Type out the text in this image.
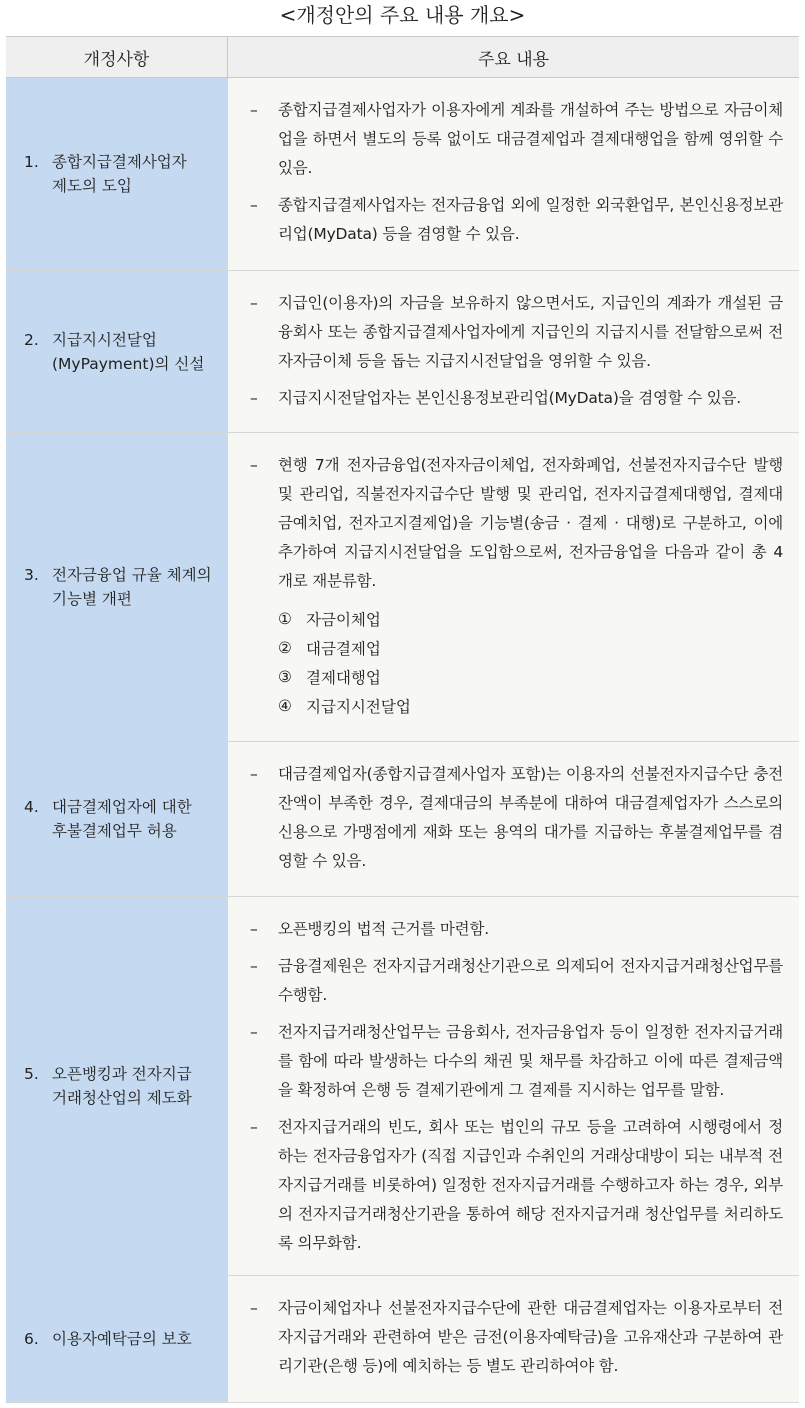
<개정안의 주요 내용 개요>
개정사항	주요 내용
1. 종합지급결제사업자
제도의 도입
–	종합지급결제사업자가 이용자에게 계좌를 개설하여 주는 방법으로 자금이체업을 하면서 별도의 등록 없이도 대금결제업과 결제대행업을 함께 영위할 수 있음.
–	종합지급결제사업자는 전자금융업 외에 일정한 외국환업무, 본인신용정보관리업(MyData) 등을 겸영할 수 있음.
2. 지급지시전달업
(MyPayment)의 신설
–	지급인(이용자)의 자금을 보유하지 않으면서도, 지급인의 계좌가 개설된 금융회사 또는 종합지급결제사업자에게 지급인의 지급지시를 전달함으로써 전자자금이체 등을 돕는 지급지시전달업을 영위할 수 있음.
–	지급지시전달업자는 본인신용정보관리업(MyData)을 겸영할 수 있음.
3. 전자금융업 규율 체계의
기능별 개편
–	현행 7개 전자금융업(전자자금이체업, 전자화폐업, 선불전자지급수단 발행 및 관리업, 직불전자지급수단 발행 및 관리업, 전자지급결제대행업, 결제대금예치업, 전자고지결제업)을 기능별(송금 · 결제 · 대행)로 구분하고, 이에 추가하여 지급지시전달업을 도입함으로써, 전자금융업을 다음과 같이 총 4개로 재분류함.
① 자금이체업
② 대금결제업
③ 결제대행업
④ 지급지시전달업
4. 대금결제업자에 대한
후불결제업무 허용
–	대금결제업자(종합지급결제사업자 포함)는 이용자의 선불전자지급수단 충전 잔액이 부족한 경우, 결제대금의 부족분에 대하여 대금결제업자가 스스로의 신용으로 가맹점에게 재화 또는 용역의 대가를 지급하는 후불결제업무를 겸영할 수 있음.
5. 오픈뱅킹과 전자지급
거래청산업의 제도화
–	오픈뱅킹의 법적 근거를 마련함.
–	금융결제원은 전자지급거래청산기관으로 의제되어 전자지급거래청산업무를 수행함.
–	전자지급거래청산업무는 금융회사, 전자금융업자 등이 일정한 전자지급거래를 함에 따라 발생하는 다수의 채권 및 채무를 차감하고 이에 따른 결제금액을 확정하여 은행 등 결제기관에게 그 결제를 지시하는 업무를 말함.
–	전자지급거래의 빈도, 회사 또는 법인의 규모 등을 고려하여 시행령에서 정하는 전자금융업자가 (직접 지급인과 수취인의 거래상대방이 되는 내부적 전자지급거래를 비롯하여) 일정한 전자지급거래를 수행하고자 하는 경우, 외부의 전자지급거래청산기관을 통하여 해당 전자지급거래 청산업무를 처리하도록 의무화함.
6. 이용자예탁금의 보호
–	자금이체업자나 선불전자지급수단에 관한 대금결제업자는 이용자로부터 전자지급거래와 관련하여 받은 금전(이용자예탁금)을 고유재산과 구분하여 관리기관(은행 등)에 예치하는 등 별도 관리하여야 함.
